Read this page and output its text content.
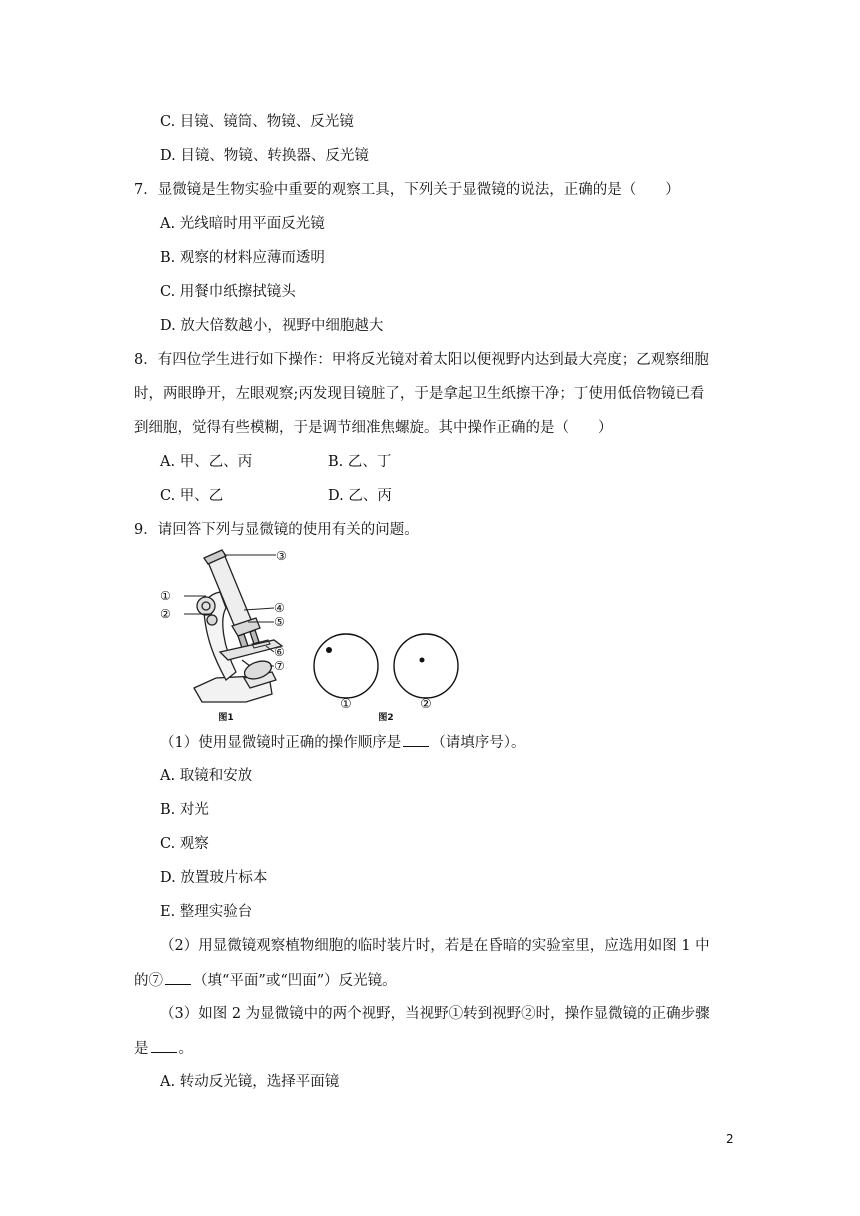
C. 目镜、镜筒、物镜、反光镜
D. 目镜、物镜、转换器、反光镜
7．显微镜是生物实验中重要的观察工具，下列关于显微镜的说法，正确的是（　　）
A. 光线暗时用平面反光镜
B. 观察的材料应薄而透明
C. 用餐巾纸擦拭镜头
D. 放大倍数越小，视野中细胞越大
8．有四位学生进行如下操作：甲将反光镜对着太阳以便视野内达到最大亮度；乙观察细胞
时，两眼睁开，左眼观察;丙发现目镜脏了，于是拿起卫生纸擦干净；丁使用低倍物镜已看
到细胞，觉得有些模糊，于是调节细准焦螺旋。其中操作正确的是（　　）
A. 甲、乙、丙	B. 乙、丁
C. 甲、乙	D. 乙、丙
9．请回答下列与显微镜的使用有关的问题。
③
①
②	④
⑤
⑥
⑦
①	②
图1	图2
（1）使用显微镜时正确的操作顺序是 （请填序号）。
A. 取镜和安放
B. 对光
C. 观察
D. 放置玻片标本
E. 整理实验台
（2）用显微镜观察植物细胞的临时装片时，若是在昏暗的实验室里，应选用如图 1 中
的⑦ （填“平面”或“凹面”）反光镜。
（3）如图 2 为显微镜中的两个视野，当视野①转到视野②时，操作显微镜的正确步骤
是 。
A. 转动反光镜，选择平面镜
2
